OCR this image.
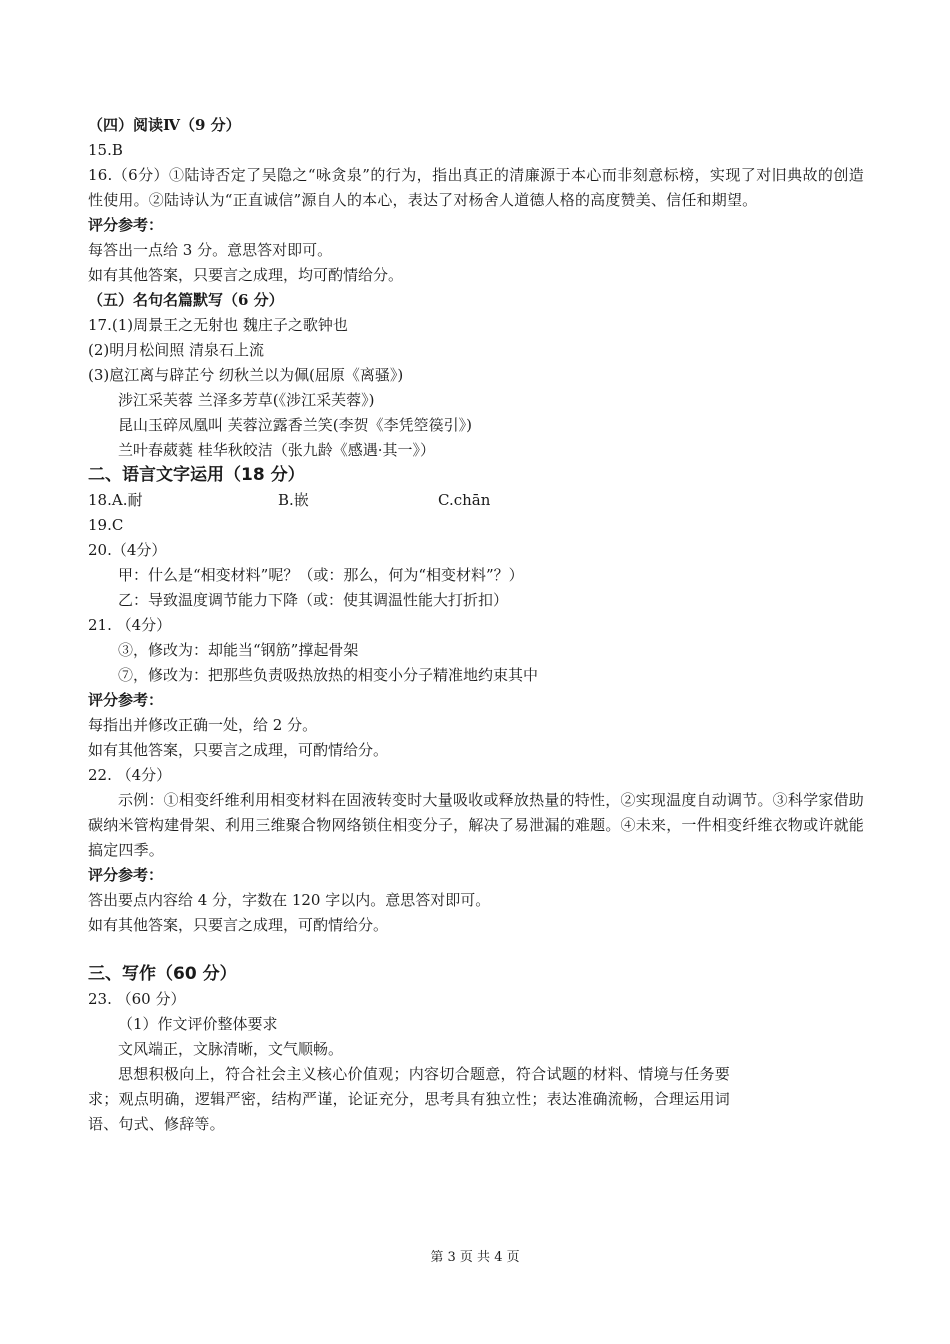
（四）阅读Ⅳ（9 分）
15.B
16.（6分）①陆诗否定了吴隐之“咏贪泉”的行为，指出真正的清廉源于本心而非刻意标榜，实现了对旧典故的创造性使用。②陆诗认为“正直诚信”源自人的本心，表达了对杨舍人道德人格的高度赞美、信任和期望。
评分参考：
每答出一点给 3 分。意思答对即可。
如有其他答案，只要言之成理，均可酌情给分。
（五）名句名篇默写（6 分）
17.(1)周景王之无射也 魏庄子之歌钟也
(2)明月松间照 清泉石上流
(3)扈江离与辟芷兮 纫秋兰以为佩(屈原《离骚》)
涉江采芙蓉 兰泽多芳草(《涉江采芙蓉》)
昆山玉碎凤凰叫 芙蓉泣露香兰笑(李贺《李凭箜篌引》)
兰叶春葳蕤 桂华秋皎洁（张九龄《感遇·其一》）
二、语言文字运用（18 分）
18.A.耐	B.嵌	C.chān
19.C
20.（4分）
甲：什么是“相变材料”呢？（或：那么，何为“相变材料”？）
乙：导致温度调节能力下降（或：使其调温性能大打折扣）
21. （4分）
③，修改为：却能当“钢筋”撑起骨架
⑦，修改为：把那些负责吸热放热的相变小分子精准地约束其中
评分参考：
每指出并修改正确一处，给 2 分。
如有其他答案，只要言之成理，可酌情给分。
22. （4分）
示例：①相变纤维利用相变材料在固液转变时大量吸收或释放热量的特性，②实现温度自动调节。③科学家借助碳纳米管构建骨架、利用三维聚合物网络锁住相变分子，解决了易泄漏的难题。④未来，一件相变纤维衣物或许就能搞定四季。
评分参考：
答出要点内容给 4 分，字数在 120 字以内。意思答对即可。
如有其他答案，只要言之成理，可酌情给分。
三、写作（60 分）
23. （60 分）
（1）作文评价整体要求
文风端正，文脉清晰，文气顺畅。
思想积极向上，符合社会主义核心价值观；内容切合题意，符合试题的材料、情境与任务要求；观点明确，逻辑严密，结构严谨，论证充分，思考具有独立性；表达准确流畅，合理运用词语、句式、修辞等。
第 3 页 共 4 页
